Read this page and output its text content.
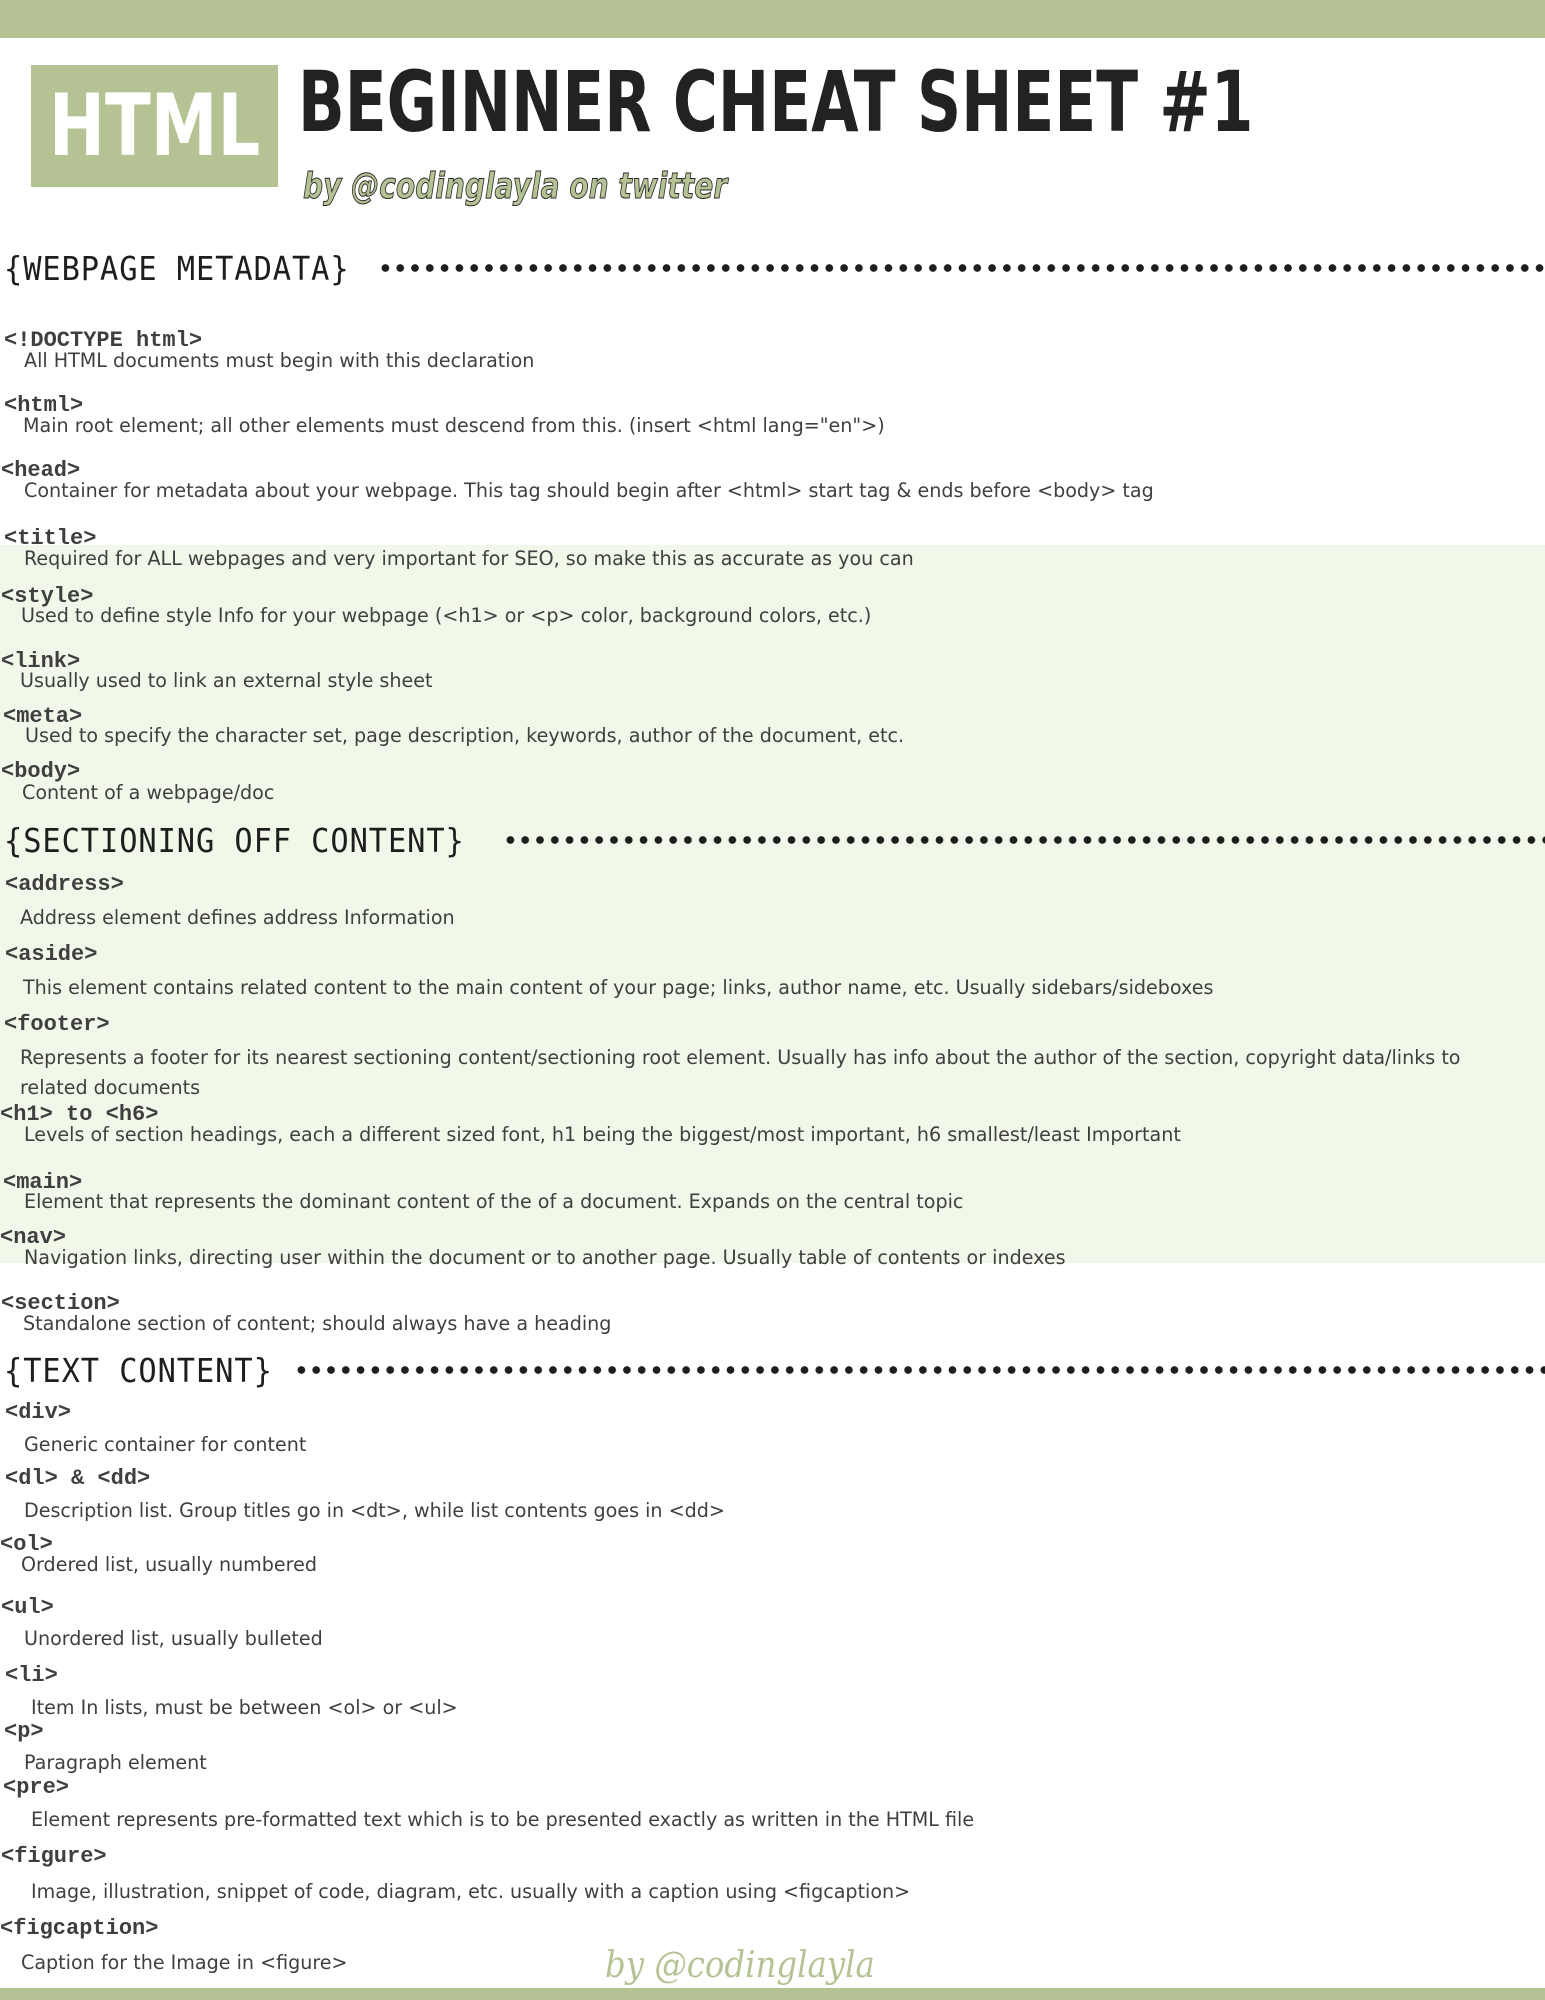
HTML BEGINNER CHEAT SHEET #1
by @codinglayla on twitter
{WEBPAGE METADATA}
<!DOCTYPE html>
All HTML documents must begin with this declaration
<html>
Main root element; all other elements must descend from this. (insert <html lang="en">)
<head>
Container for metadata about your webpage. This tag should begin after <html> start tag & ends before <body> tag
<title>
Required for ALL webpages and very important for SEO, so make this as accurate as you can
<style>
Used to define style Info for your webpage (<h1> or <p> color, background colors, etc.)
<link>
Usually used to link an external style sheet
<meta>
Used to specify the character set, page description, keywords, author of the document, etc.
<body>
Content of a webpage/doc
{SECTIONING OFF CONTENT}
<address>
Address element defines address Information
<aside>
This element contains related content to the main content of your page; links, author name, etc. Usually sidebars/sideboxes
<footer>
Represents a footer for its nearest sectioning content/sectioning root element. Usually has info about the author of the section, copyright data/links to related documents
<h1> to <h6>
Levels of section headings, each a different sized font, h1 being the biggest/most important, h6 smallest/least Important
<main>
Element that represents the dominant content of the of a document. Expands on the central topic
<nav>
Navigation links, directing user within the document or to another page. Usually table of contents or indexes
<section>
Standalone section of content; should always have a heading
{TEXT CONTENT}
<div>
Generic container for content
<dl> & <dd>
Description list. Group titles go in <dt>, while list contents goes in <dd>
<ol>
Ordered list, usually numbered
<ul>
Unordered list, usually bulleted
<li>
Item In lists, must be between <ol> or <ul>
<p>
Paragraph element
<pre>
Element represents pre-formatted text which is to be presented exactly as written in the HTML file
<figure>
Image, illustration, snippet of code, diagram, etc. usually with a caption using <figcaption>
<figcaption>
Caption for the Image in <figure>	by @codinglayla
